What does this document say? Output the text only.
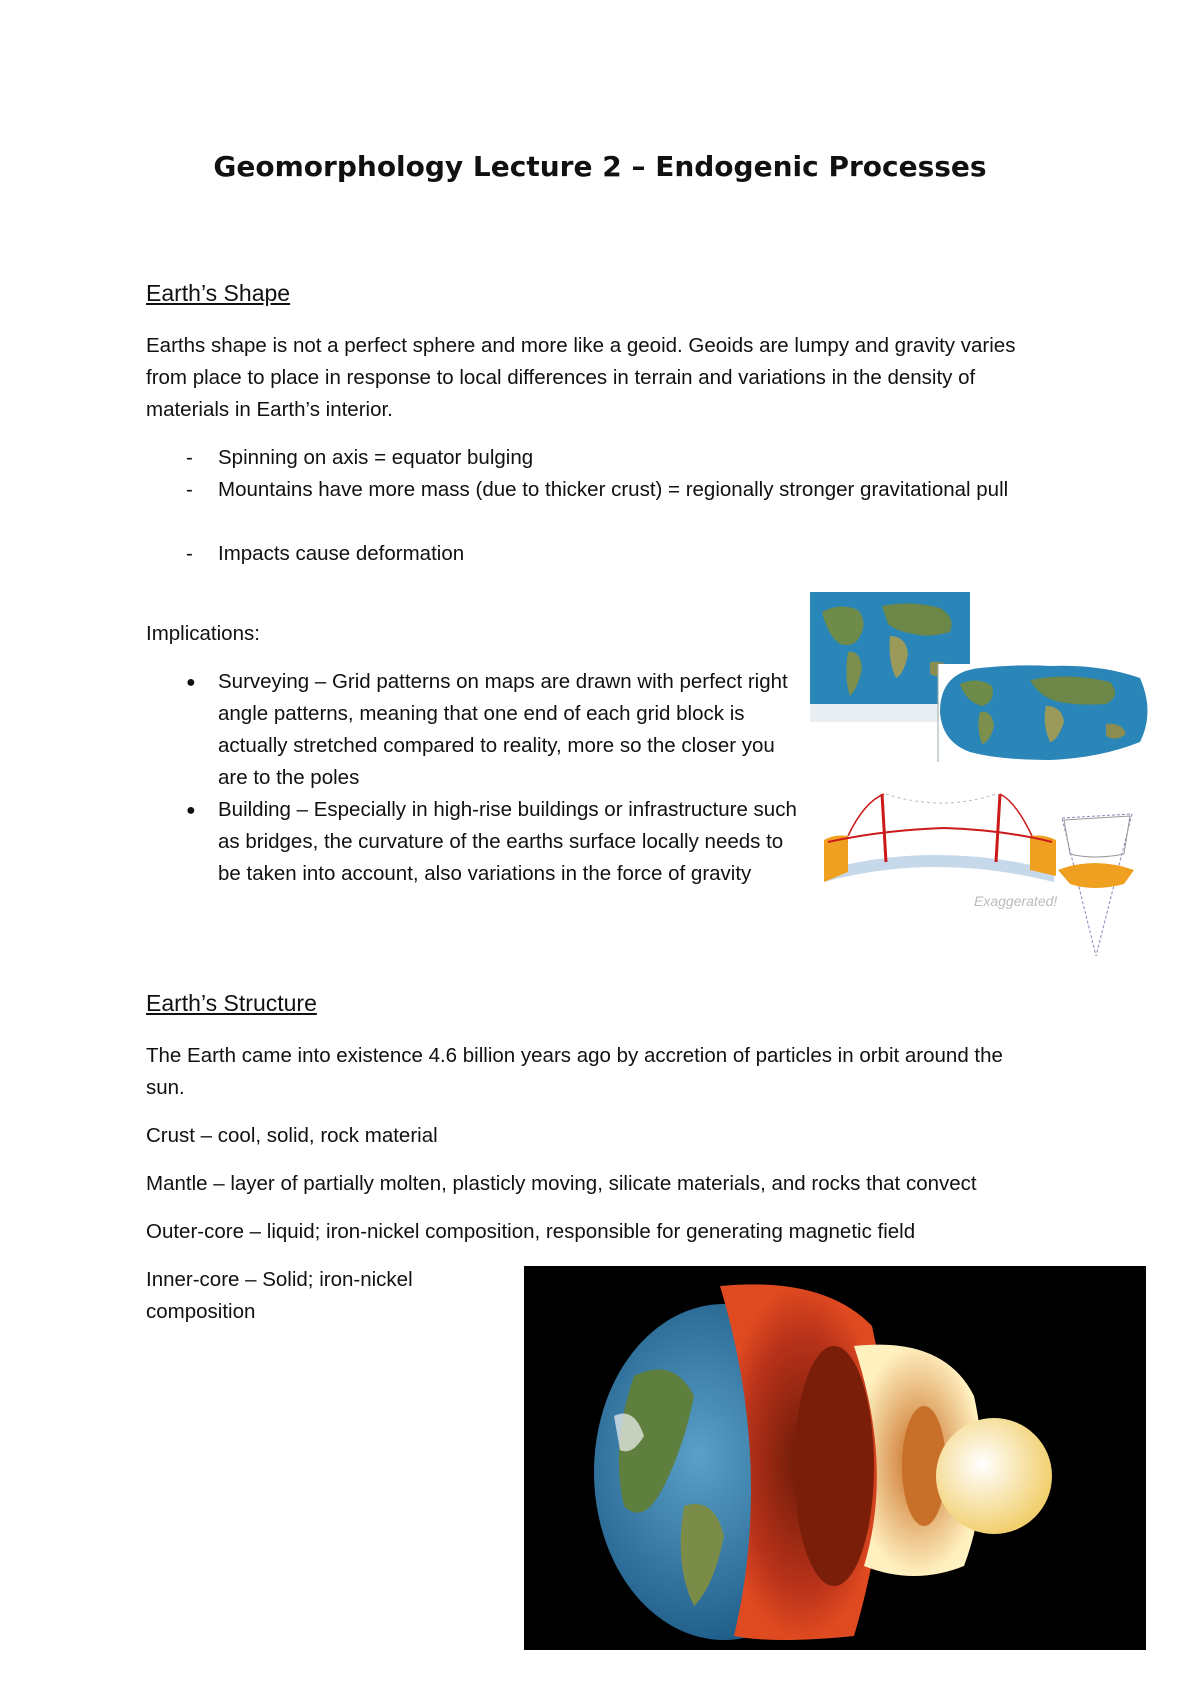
Geomorphology Lecture 2 – Endogenic Processes
Earth’s Shape
Earths shape is not a perfect sphere and more like a geoid. Geoids are lumpy and gravity varies from place to place in response to local differences in terrain and variations in the density of materials in Earth’s interior.
- Spinning on axis = equator bulging
- Mountains have more mass (due to thicker crust) = regionally stronger gravitational pull
- Impacts cause deformation
Implications:
● Surveying – Grid patterns on maps are drawn with perfect right angle patterns, meaning that one end of each grid block is actually stretched compared to reality, more so the closer you are to the poles
● Building – Especially in high-rise buildings or infrastructure such as bridges, the curvature of the earths surface locally needs to be taken into account, also variations in the force of gravity
Exaggerated!
Earth’s Structure
The Earth came into existence 4.6 billion years ago by accretion of particles in orbit around the sun.
Crust – cool, solid, rock material
Mantle – layer of partially molten, plasticly moving, silicate materials, and rocks that convect
Outer-core – liquid; iron-nickel composition, responsible for generating magnetic field
Inner-core – Solid; iron-nickel composition
